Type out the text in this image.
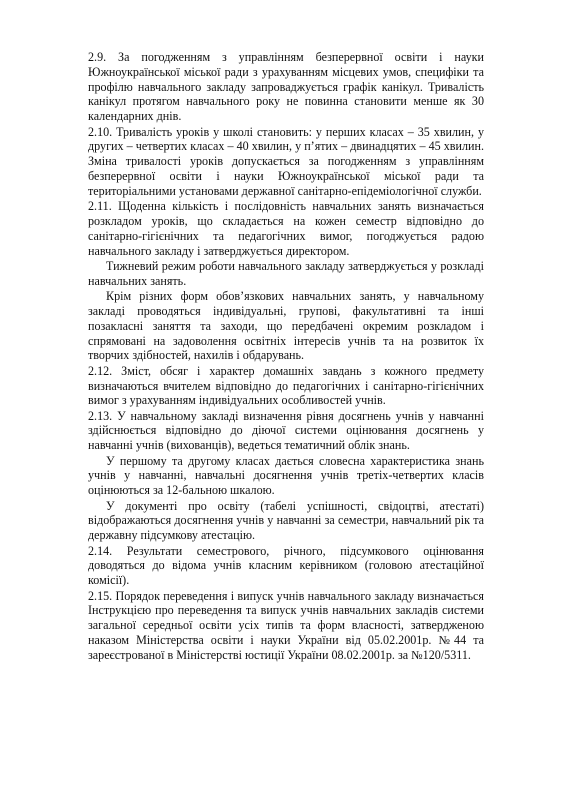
2.9. За погодженням з управлінням безперервної освіти і науки Южноукраїнської міської ради з урахуванням місцевих умов, специфіки та профілю навчального закладу запроваджується графік канікул. Тривалість канікул протягом навчального року не повинна становити менше як 30 календарних днів.

2.10. Тривалість уроків у школі становить: у перших класах – 35 хвилин, у других – четвертих класах – 40 хвилин, у п’ятих – двинадцятих – 45 хвилин. Зміна тривалості уроків допускається за погодженням з управлінням безперервної освіти і науки Южноукраїнської міської ради та територіальними установами державної санітарно-епідеміологічної служби.

2.11. Щоденна кількість і послідовність навчальних занять визначається розкладом уроків, що складається на кожен семестр відповідно до санітарно-гігієнічних та педагогічних вимог, погоджується радою навчального закладу і затверджується директором.

Тижневий режим роботи навчального закладу затверджується у розкладі навчальних занять.

Крім різних форм обов’язкових навчальних занять, у навчальному закладі проводяться індивідуальні, групові, факультативні та інші позакласні заняття та заходи, що передбачені окремим розкладом і спрямовані на задоволення освітніх інтересів учнів та на розвиток їх творчих здібностей, нахилів і обдарувань.

2.12. Зміст, обсяг і характер домашніх завдань з кожного предмету визначаються вчителем відповідно до педагогічних і санітарно-гігієнічних вимог з урахуванням індивідуальних особливостей учнів.

2.13. У навчальному закладі визначення рівня досягнень учнів у навчанні здійснюється відповідно до діючої системи оцінювання досягнень у навчанні учнів (вихованців), ведеться тематичний облік знань.

У першому та другому класах дається словесна характеристика знань учнів у навчанні, навчальні досягнення учнів третіх-четвертих класів оцінюються за 12-бальною шкалою.

У документі про освіту (табелі успішності, свідоцтві, атестаті) відображаються досягнення учнів у навчанні за семестри, навчальний рік та державну підсумкову атестацію.

2.14. Результати семестрового, річного, підсумкового оцінювання доводяться до відома учнів класним керівником (головою атестаційної комісії).

2.15. Порядок переведення і випуск учнів навчального закладу визначається Інструкцією про переведення та випуск учнів навчальних закладів системи загальної середньої освіти усіх типів та форм власності, затвердженою наказом Міністерства освіти і науки України від 05.02.2001р. №44 та зареєстрованої в Міністерстві юстиції України 08.02.2001р. за №120/5311.
